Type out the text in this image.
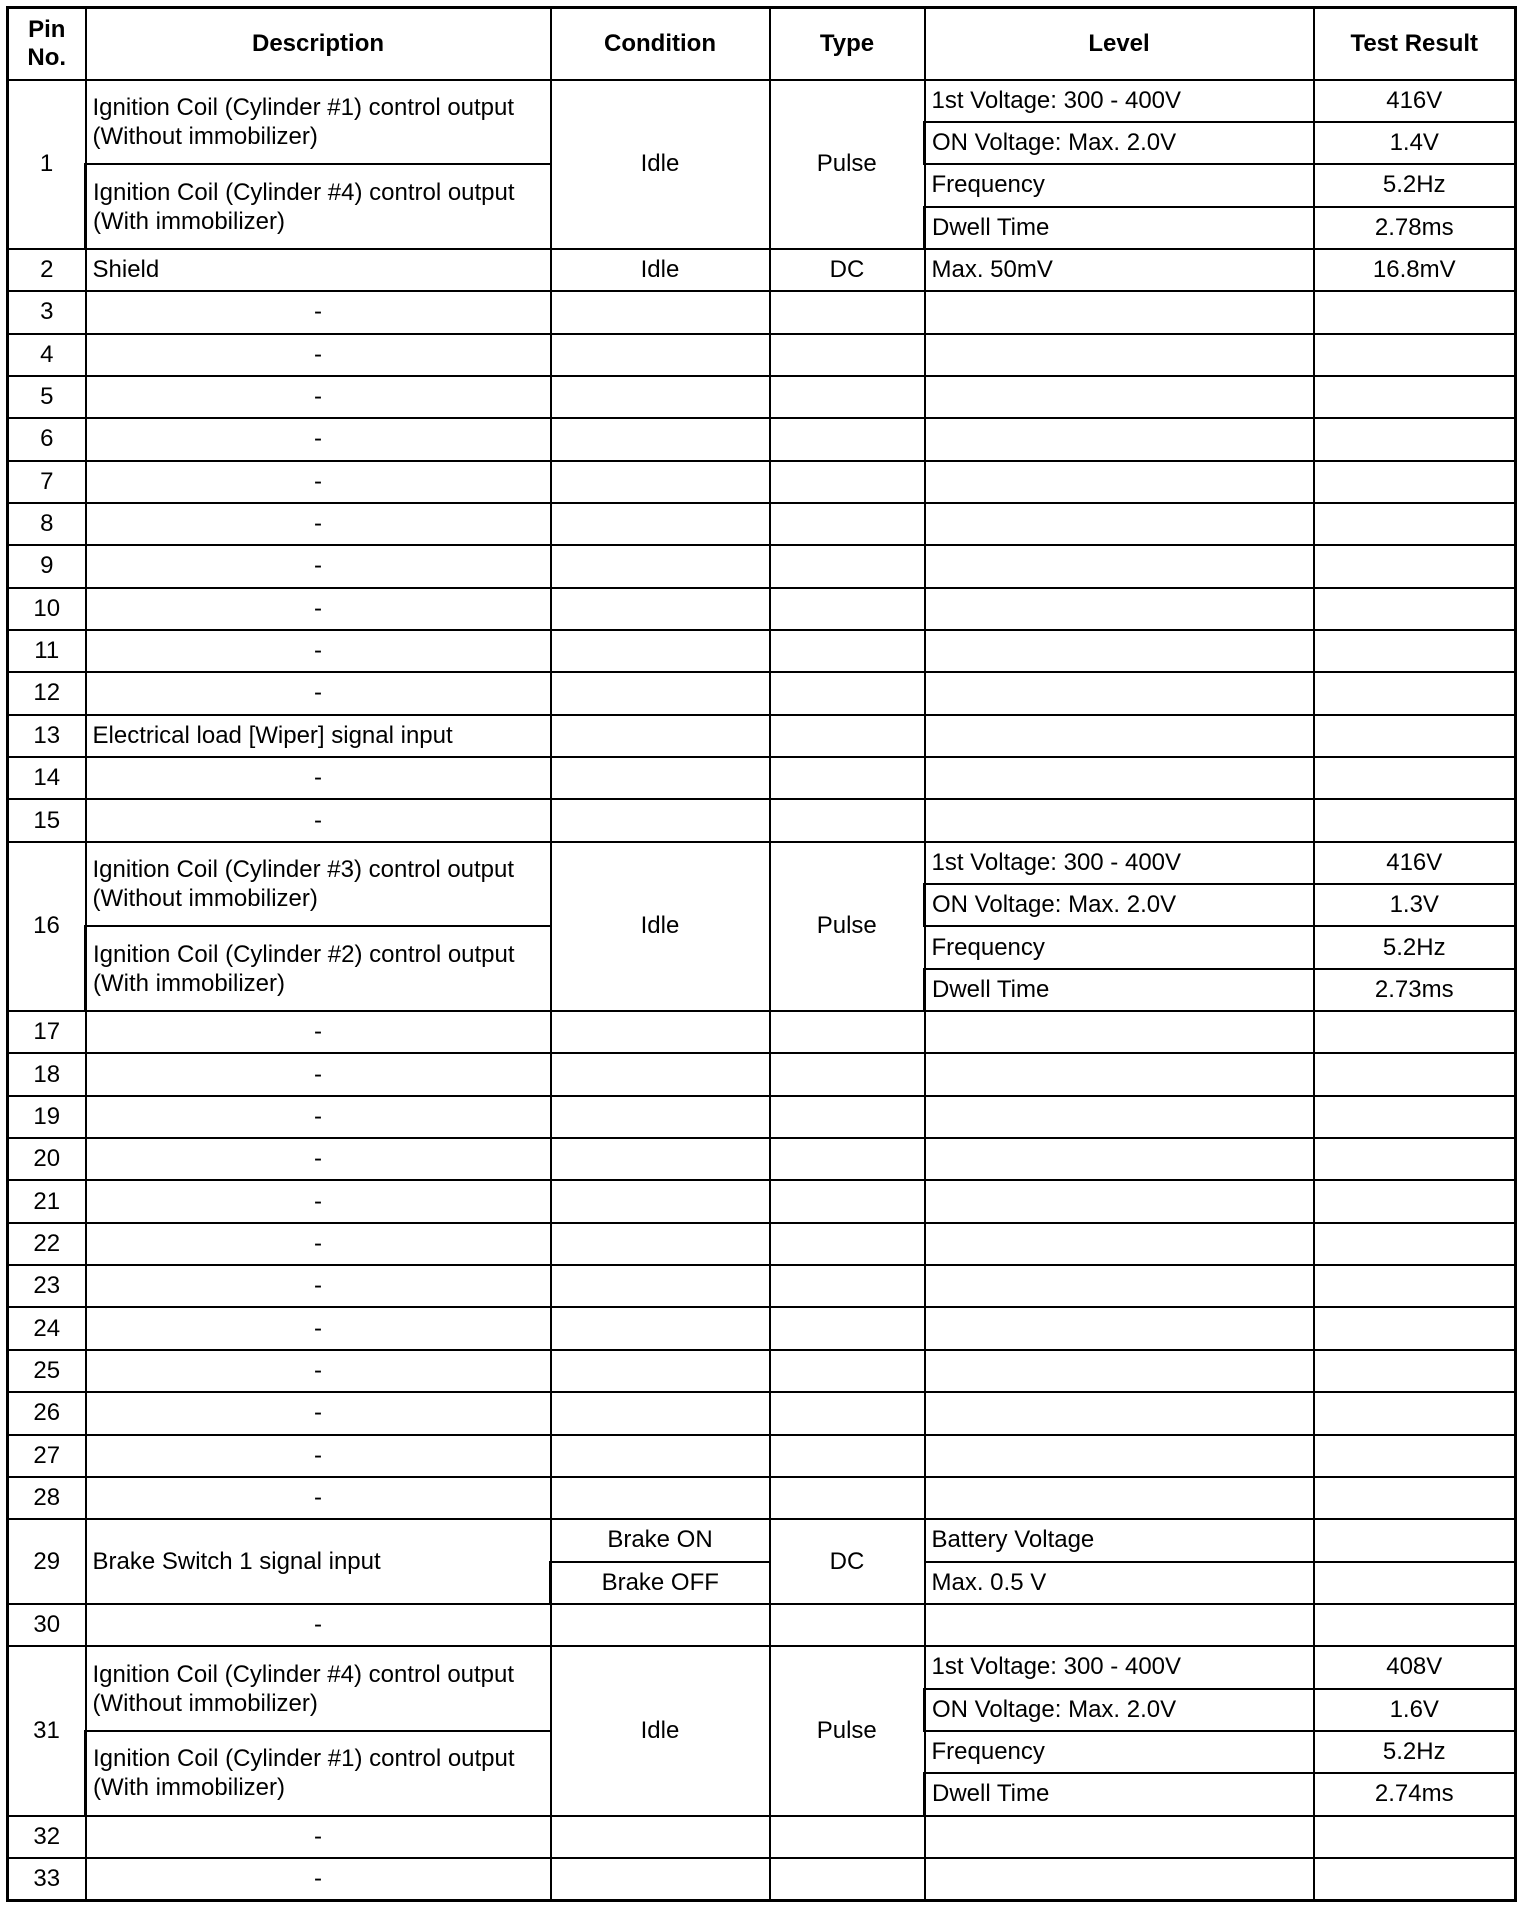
Pin No.	Description	Condition	Type	Level	Test Result
1	Ignition Coil (Cylinder #1) control output (Without immobilizer)	Idle	Pulse	1st Voltage: 300 - 400V	416V
				ON Voltage: Max. 2.0V	1.4V
	Ignition Coil (Cylinder #4) control output (With immobilizer)			Frequency	5.2Hz
				Dwell Time	2.78ms
2	Shield	Idle	DC	Max. 50mV	16.8mV
3	-				
4	-				
5	-				
6	-				
7	-				
8	-				
9	-				
10	-				
11	-				
12	-				
13	Electrical load [Wiper] signal input				
14	-				
15	-				
16	Ignition Coil (Cylinder #3) control output (Without immobilizer)	Idle	Pulse	1st Voltage: 300 - 400V	416V
				ON Voltage: Max. 2.0V	1.3V
	Ignition Coil (Cylinder #2) control output (With immobilizer)			Frequency	5.2Hz
				Dwell Time	2.73ms
17	-				
18	-				
19	-				
20	-				
21	-				
22	-				
23	-				
24	-				
25	-				
26	-				
27	-				
28	-				
29	Brake Switch 1 signal input	Brake ON	DC	Battery Voltage	
		Brake OFF		Max. 0.5 V	
30	-				
31	Ignition Coil (Cylinder #4) control output (Without immobilizer)	Idle	Pulse	1st Voltage: 300 - 400V	408V
				ON Voltage: Max. 2.0V	1.6V
	Ignition Coil (Cylinder #1) control output (With immobilizer)			Frequency	5.2Hz
				Dwell Time	2.74ms
32	-				
33	-				
